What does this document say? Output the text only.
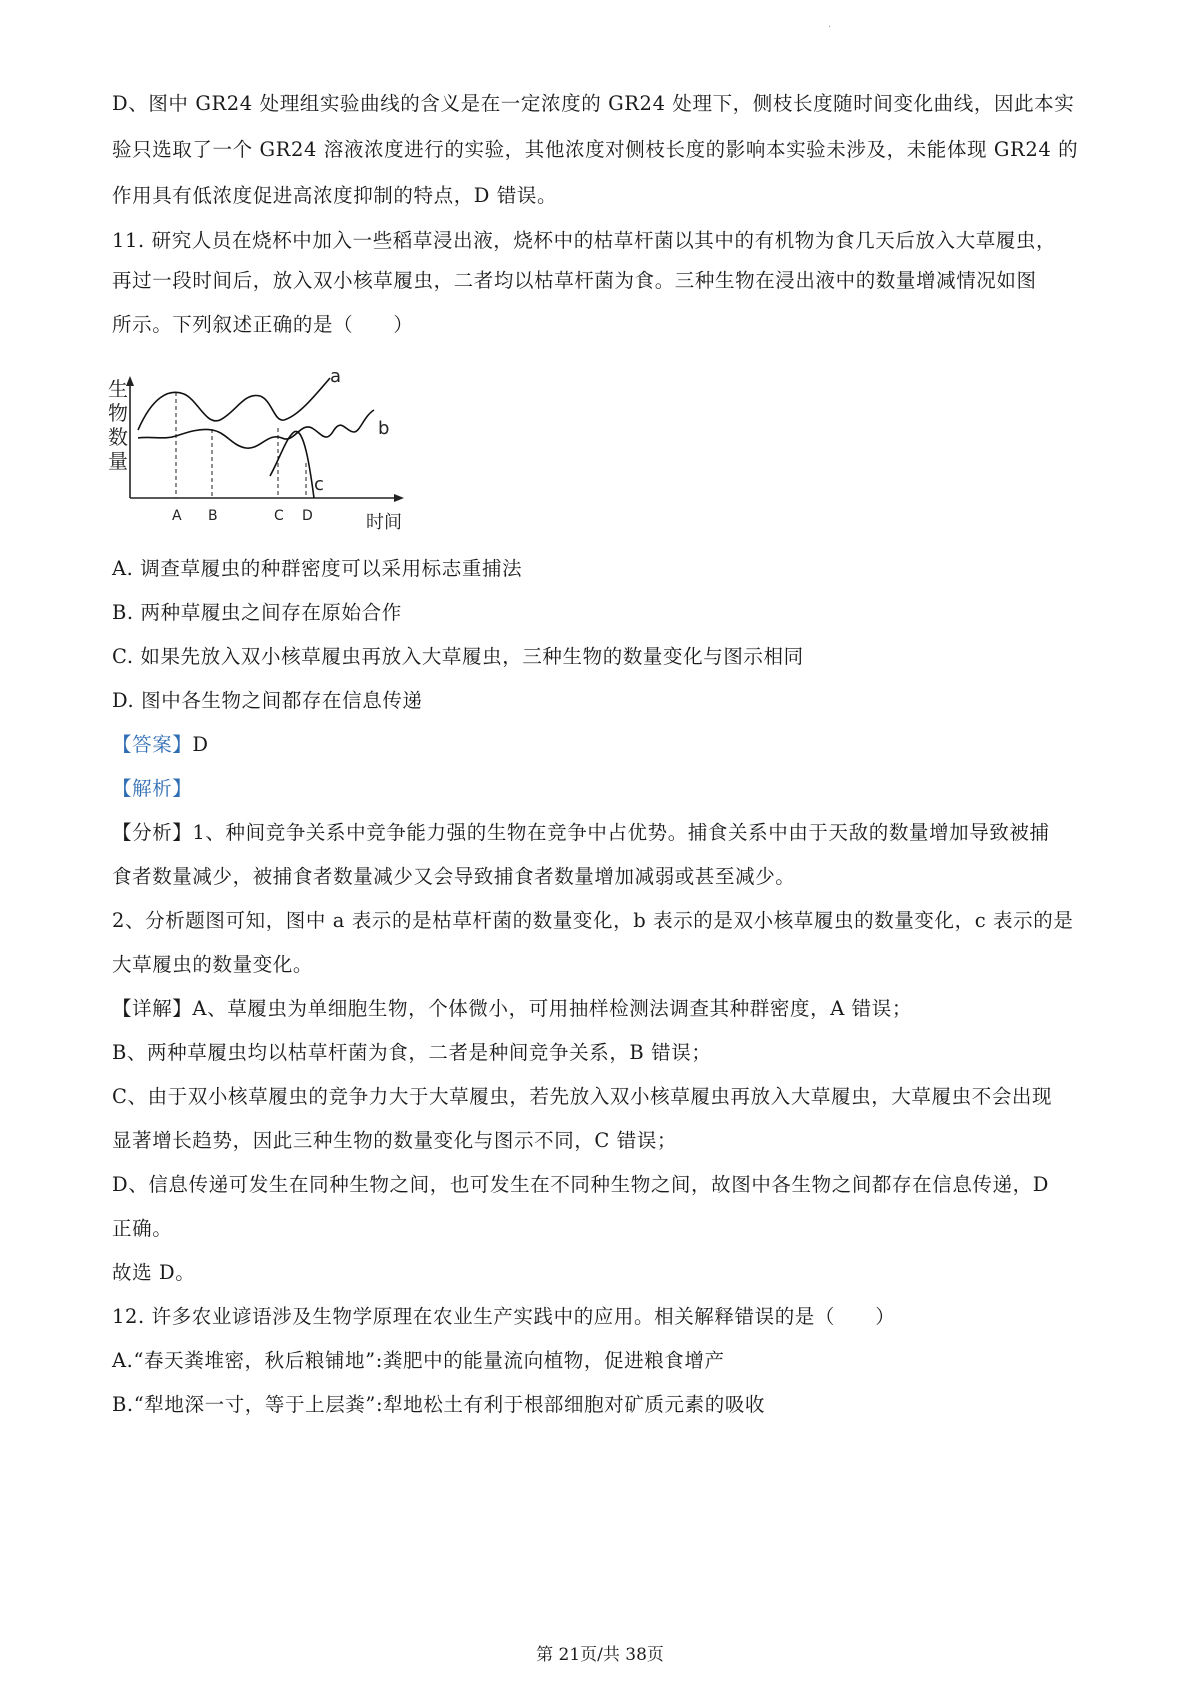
·
D、图中 GR24 处理组实验曲线的含义是在一定浓度的 GR24 处理下，侧枝长度随时间变化曲线，因此本实
验只选取了一个 GR24 溶液浓度进行的实验，其他浓度对侧枝长度的影响本实验未涉及，未能体现 GR24 的
作用具有低浓度促进高浓度抑制的特点，D 错误。
11. 研究人员在烧杯中加入一些稻草浸出液，烧杯中的枯草杆菌以其中的有机物为食几天后放入大草履虫，
再过一段时间后，放入双小核草履虫，二者均以枯草杆菌为食。三种生物在浸出液中的数量增减情况如图
所示。下列叙述正确的是（　　）
生
物
数
量
a
b
c
A B	C D	时间
A. 调查草履虫的种群密度可以采用标志重捕法
B. 两种草履虫之间存在原始合作
C. 如果先放入双小核草履虫再放入大草履虫，三种生物的数量变化与图示相同
D. 图中各生物之间都存在信息传递
【答案】D
【解析】
【分析】1、种间竞争关系中竞争能力强的生物在竞争中占优势。捕食关系中由于天敌的数量增加导致被捕
食者数量减少，被捕食者数量减少又会导致捕食者数量增加减弱或甚至减少。
2、分析题图可知，图中 a 表示的是枯草杆菌的数量变化，b 表示的是双小核草履虫的数量变化，c 表示的是
大草履虫的数量变化。
【详解】A、草履虫为单细胞生物，个体微小，可用抽样检测法调查其种群密度，A 错误；
B、两种草履虫均以枯草杆菌为食，二者是种间竞争关系，B 错误；
C、由于双小核草履虫的竞争力大于大草履虫，若先放入双小核草履虫再放入大草履虫，大草履虫不会出现
显著增长趋势，因此三种生物的数量变化与图示不同，C 错误；
D、信息传递可发生在同种生物之间，也可发生在不同种生物之间，故图中各生物之间都存在信息传递，D
正确。
故选 D。
12. 许多农业谚语涉及生物学原理在农业生产实践中的应用。相关解释错误的是（　　）
A.“春天粪堆密，秋后粮铺地”:粪肥中的能量流向植物，促进粮食增产
B.“犁地深一寸，等于上层粪”:犁地松土有利于根部细胞对矿质元素的吸收
第 21页/共 38页
